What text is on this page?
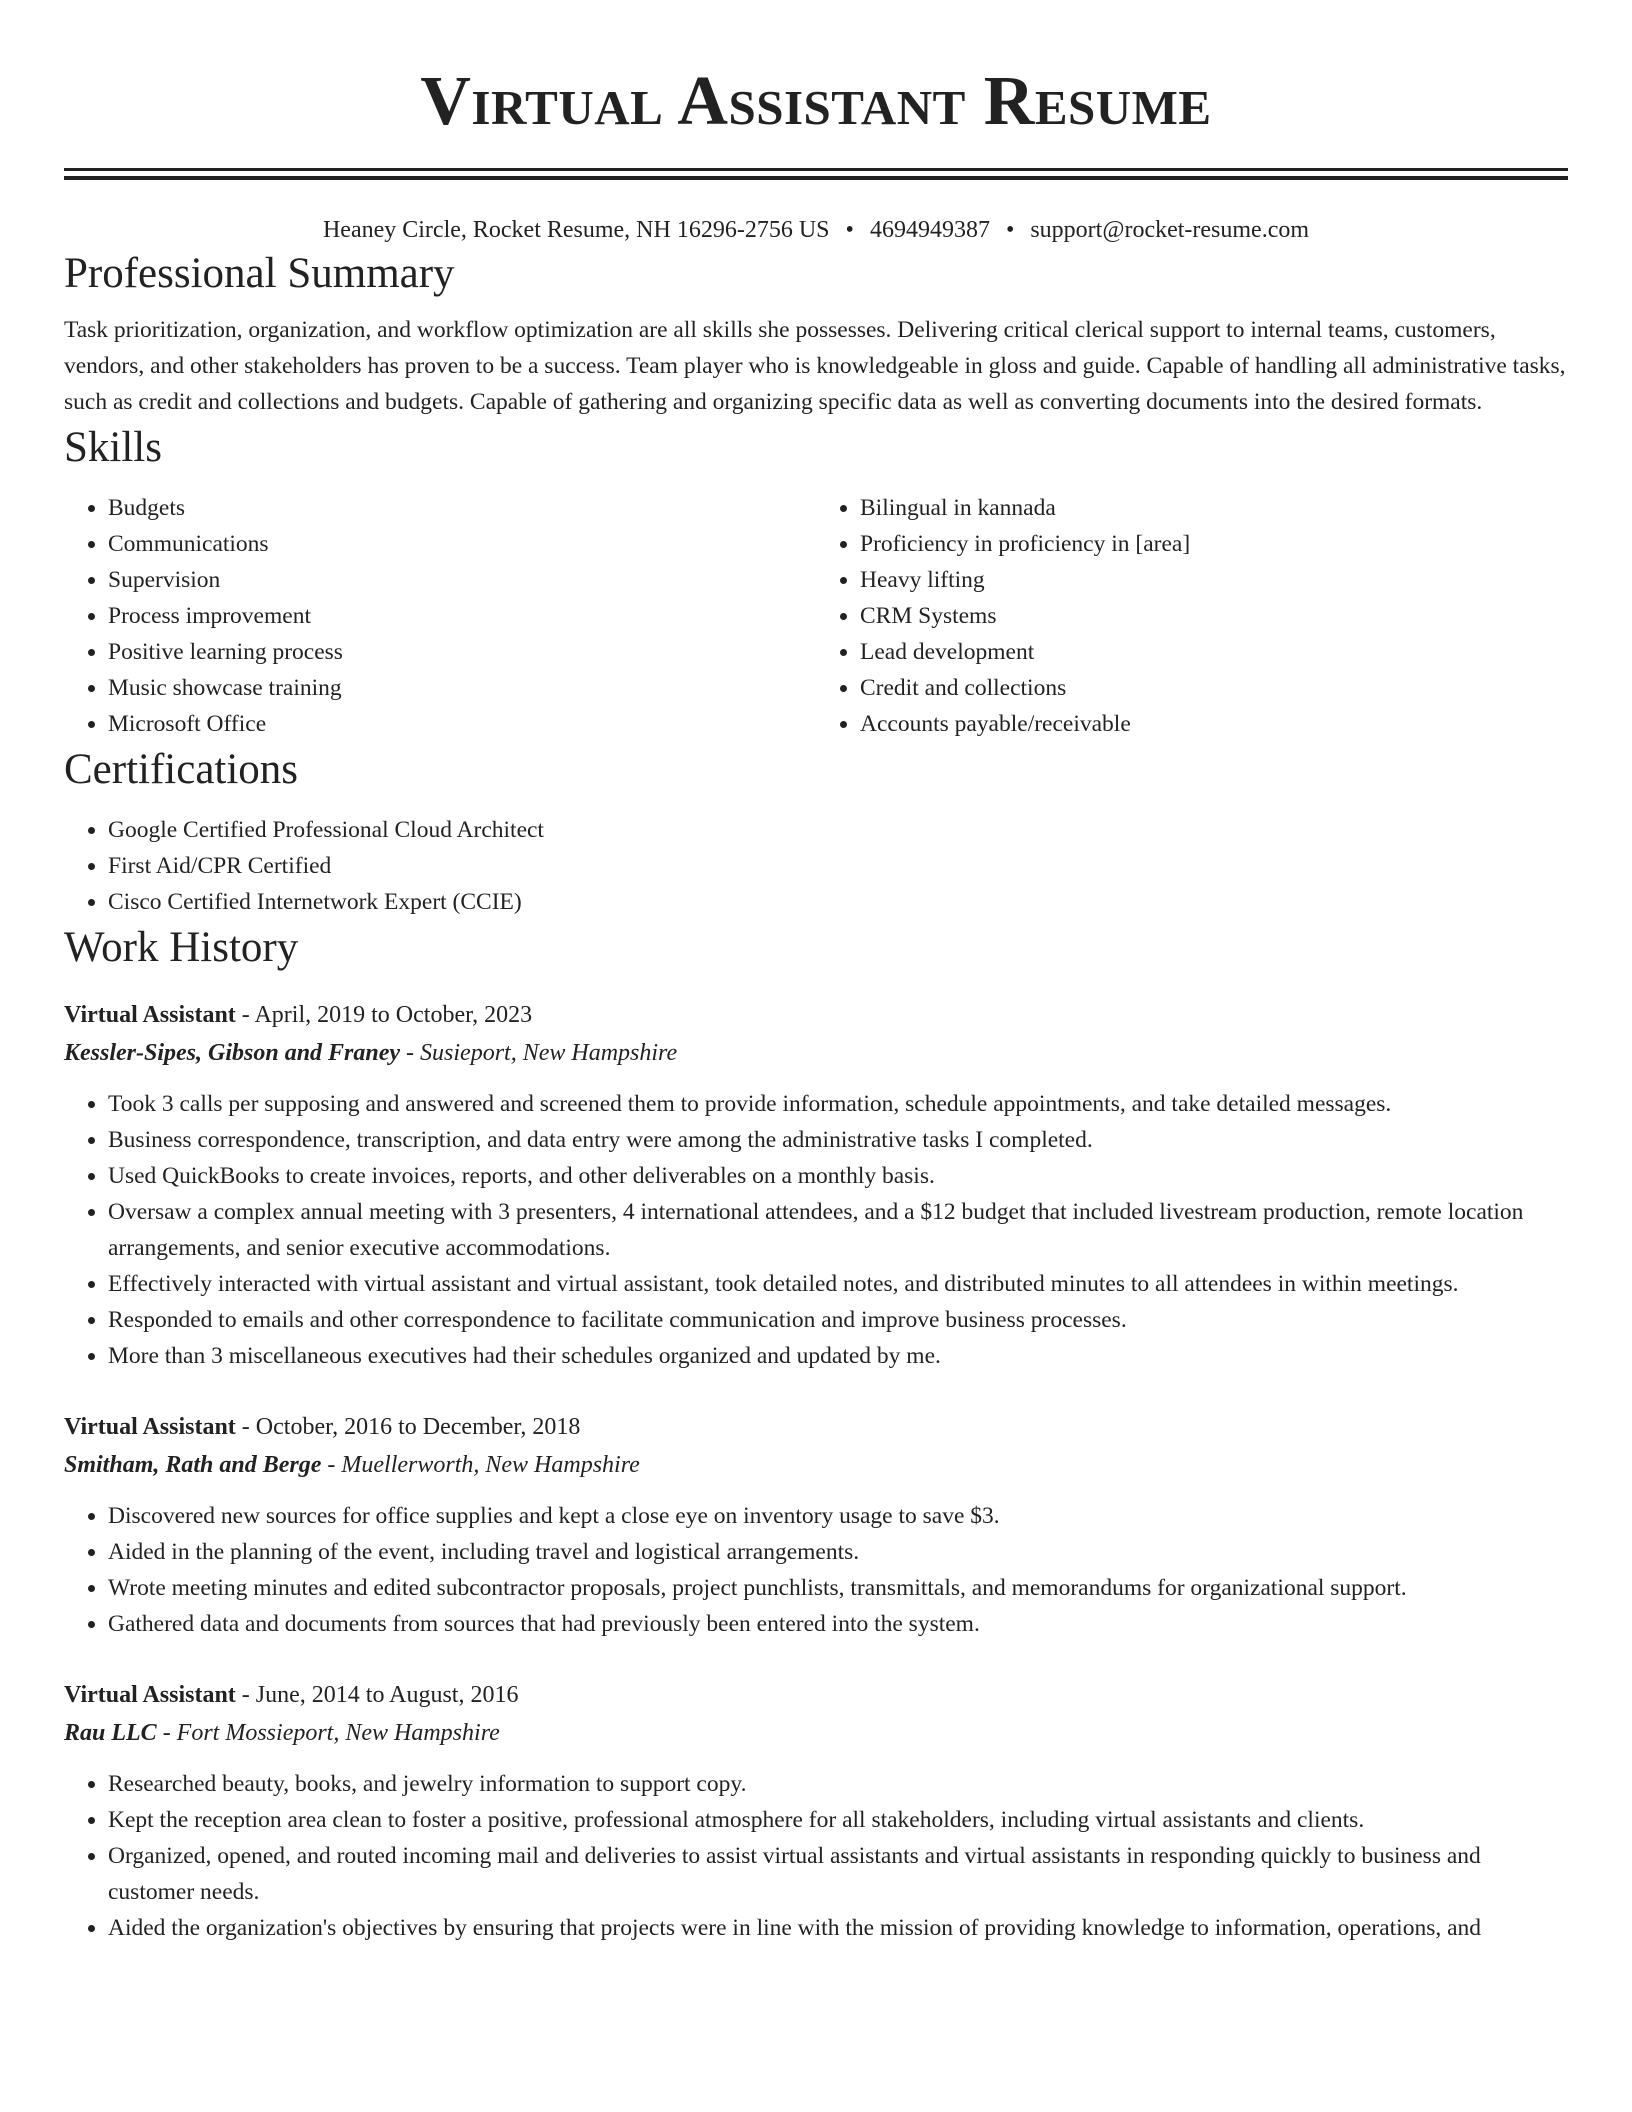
Virtual Assistant Resume
Heaney Circle, Rocket Resume, NH 16296-2756 US • 4694949387 • support@rocket-resume.com
Professional Summary

Task prioritization, organization, and workflow optimization are all skills she possesses. Delivering critical clerical support to internal teams, customers, vendors, and other stakeholders has proven to be a success. Team player who is knowledgeable in gloss and guide. Capable of handling all administrative tasks, such as credit and collections and budgets. Capable of gathering and organizing specific data as well as converting documents into the desired formats.

Skills
• Budgets
• Communications
• Supervision
• Process improvement
• Positive learning process
• Music showcase training
• Microsoft Office
• Bilingual in kannada
• Proficiency in proficiency in [area]
• Heavy lifting
• CRM Systems
• Lead development
• Credit and collections
• Accounts payable/receivable
Certifications
• Google Certified Professional Cloud Architect
• First Aid/CPR Certified
• Cisco Certified Internetwork Expert (CCIE)
Work History
Virtual Assistant - April, 2019 to October, 2023
Kessler-Sipes, Gibson and Franey - Susieport, New Hampshire
• Took 3 calls per supposing and answered and screened them to provide information, schedule appointments, and take detailed messages.
• Business correspondence, transcription, and data entry were among the administrative tasks I completed.
• Used QuickBooks to create invoices, reports, and other deliverables on a monthly basis.
• Oversaw a complex annual meeting with 3 presenters, 4 international attendees, and a $12 budget that included livestream production, remote location arrangements, and senior executive accommodations.
• Effectively interacted with virtual assistant and virtual assistant, took detailed notes, and distributed minutes to all attendees in within meetings.
• Responded to emails and other correspondence to facilitate communication and improve business processes.
• More than 3 miscellaneous executives had their schedules organized and updated by me.
Virtual Assistant - October, 2016 to December, 2018
Smitham, Rath and Berge - Muellerworth, New Hampshire
• Discovered new sources for office supplies and kept a close eye on inventory usage to save $3.
• Aided in the planning of the event, including travel and logistical arrangements.
• Wrote meeting minutes and edited subcontractor proposals, project punchlists, transmittals, and memorandums for organizational support.
• Gathered data and documents from sources that had previously been entered into the system.
Virtual Assistant - June, 2014 to August, 2016
Rau LLC - Fort Mossieport, New Hampshire
• Researched beauty, books, and jewelry information to support copy.
• Kept the reception area clean to foster a positive, professional atmosphere for all stakeholders, including virtual assistants and clients.
• Organized, opened, and routed incoming mail and deliveries to assist virtual assistants and virtual assistants in responding quickly to business and customer needs.
• Aided the organization's objectives by ensuring that projects were in line with the mission of providing knowledge to information, operations, and
